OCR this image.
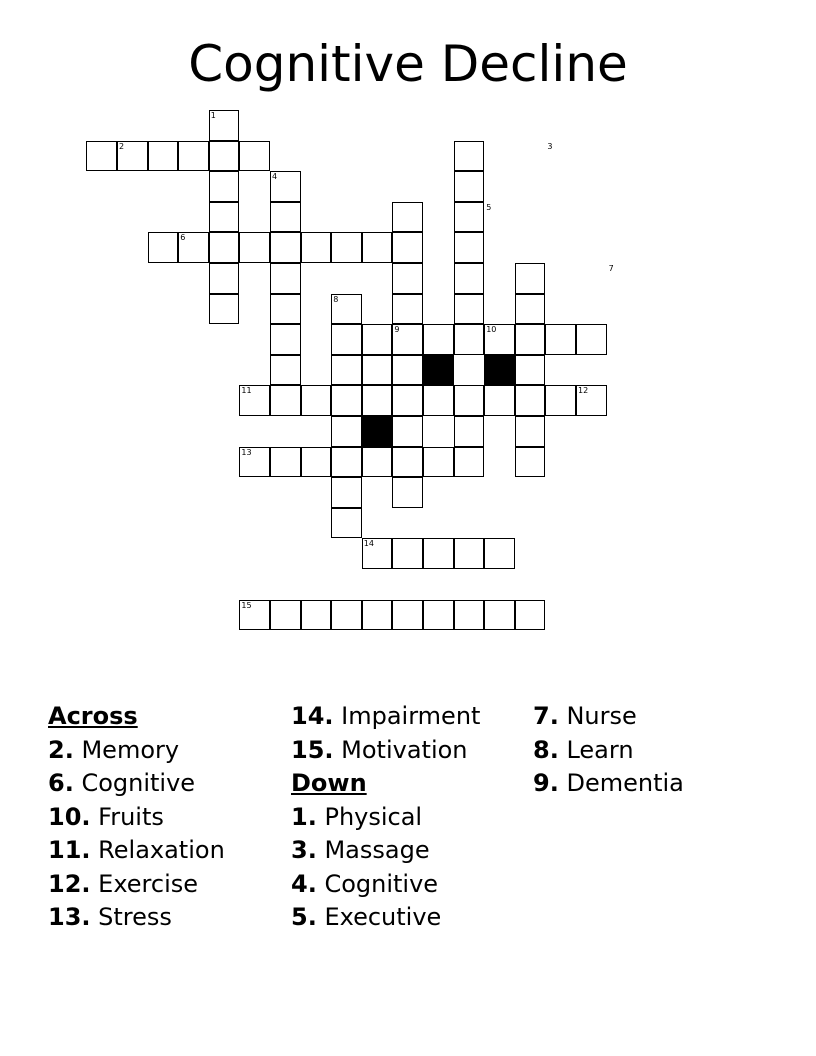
Cognitive Decline
1
2	3
4
5
6
7
8
9	10
11	12
13
14
15
Across
2. Memory
6. Cognitive
10. Fruits
11. Relaxation
12. Exercise
13. Stress
14. Impairment
15. Motivation
Down
1. Physical
3. Massage
4. Cognitive
5. Executive
7. Nurse
8. Learn
9. Dementia
